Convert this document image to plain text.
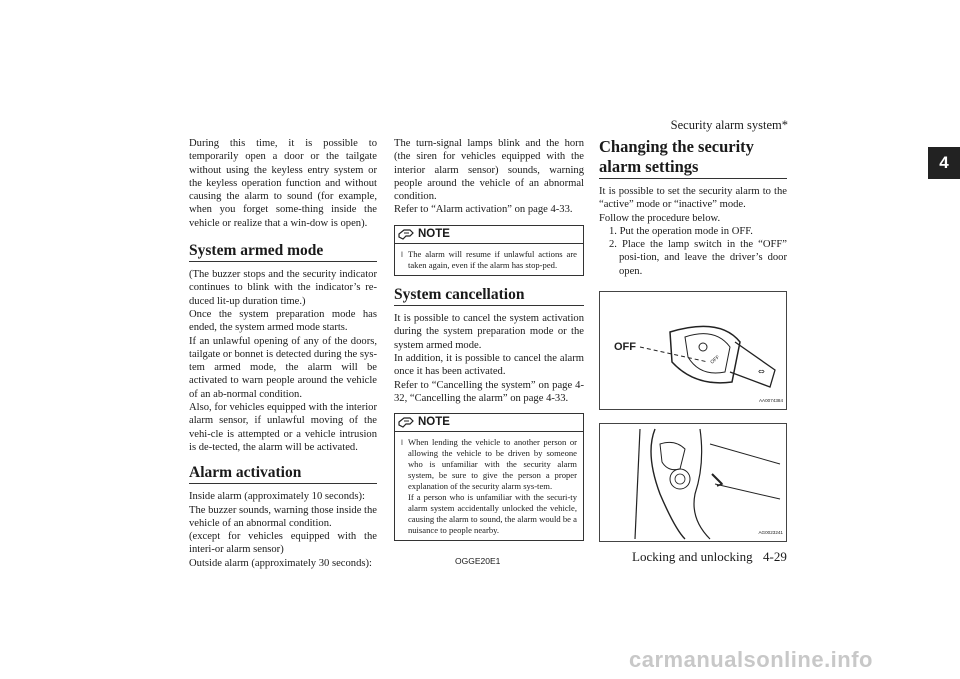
Security alarm system*
4

During this time, it is possible to temporarily open a door or the tailgate without using the keyless entry system or the keyless operation function and without causing the alarm to sound (for example, when you forget some-thing inside the vehicle or realize that a win-dow is open).

System armed mode

(The buzzer stops and the security indicator continues to blink with the indicator’s re-duced lit-up duration time.)

Once the system preparation mode has ended, the system armed mode starts.

If an unlawful opening of any of the doors, tailgate or bonnet is detected during the sys-tem armed mode, the alarm will be activated to warn people around the vehicle of an ab-normal condition.

Also, for vehicles equipped with the interior alarm sensor, if unlawful moving of the vehi-cle is attempted or a vehicle intrusion is de-tected, the alarm will be activated.

Alarm activation

Inside alarm (approximately 10 seconds):

The buzzer sounds, warning those inside the vehicle of an abnormal condition.

(except for vehicles equipped with the interi-or alarm sensor)

Outside alarm (approximately 30 seconds):

The turn-signal lamps blink and the horn (the siren for vehicles equipped with the interior alarm sensor) sounds, warning people around the vehicle of an abnormal condition.

Refer to “Alarm activation” on page 4-33.

NOTE
l The alarm will resume if unlawful actions are taken again, even if the alarm has stop-ped.

System cancellation

It is possible to cancel the system activation during the system preparation mode or the system armed mode.

In addition, it is possible to cancel the alarm once it has been activated.

Refer to “Cancelling the system” on page 4-32, “Cancelling the alarm” on page 4-33.

NOTE
l When lending the vehicle to another person or allowing the vehicle to be driven by someone who is unfamiliar with the security alarm system, be sure to give the person a proper explanation of the security alarm sys-tem.

If a person who is unfamiliar with the securi-ty alarm system accidentally unlocked the vehicle, causing the alarm to sound, the alarm would be a nuisance to people nearby.

Changing the security alarm settings

It is possible to set the security alarm to the “active” mode or “inactive” mode.

Follow the procedure below.

1. Put the operation mode in OFF.

2. Place the lamp switch in the “OFF” posi-tion, and leave the driver’s door open.

OFF
OFF
⇔
AA0074384
AG0023241
OGGE20E1	Locking and unlocking 4-29
carmanualsonline.info
